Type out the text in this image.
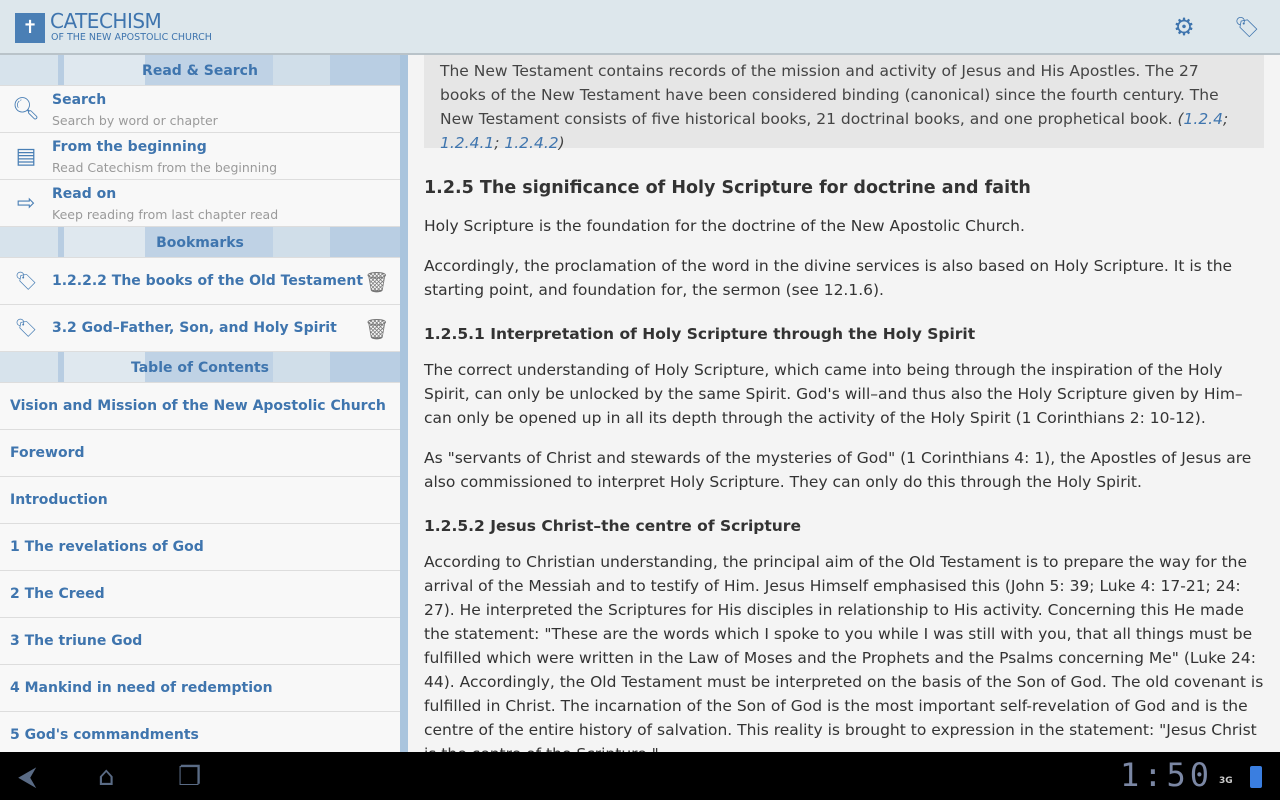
✝ CATECHISM
OF THE NEW APOSTOLIC CHURCH	⚙ 🏷︎
Read & Search
🔍︎ Search
Search by word or chapter
▤ From the beginning
Read Catechism from the beginning
⇨	Read on
Keep reading from last chapter read
Bookmarks
🏷︎ 1.2.2.2 The books of the Old Testament 🗑︎
🏷︎ 3.2 God–Father, Son, and Holy Spirit 🗑︎
Table of Contents
Vision and Mission of the New Apostolic Church
Foreword
Introduction
1 The revelations of God
2 The Creed
3 The triune God
4 Mankind in need of redemption
5 God's commandments
The New Testament contains records of the mission and activity of Jesus and His Apostles. The 27 books of the New Testament have been considered binding (canonical) since the fourth century. The New Testament consists of five historical books, 21 doctrinal books, and one prophetical book. (1.2.4; 1.2.4.1; 1.2.4.2)
1.2.5 The significance of Holy Scripture for doctrine and faith

Holy Scripture is the foundation for the doctrine of the New Apostolic Church.

Accordingly, the proclamation of the word in the divine services is also based on Holy Scripture. It is the starting point, and foundation for, the sermon (see 12.1.6).

1.2.5.1 Interpretation of Holy Scripture through the Holy Spirit

The correct understanding of Holy Scripture, which came into being through the inspiration of the Holy Spirit, can only be unlocked by the same Spirit. God's will–and thus also the Holy Scripture given by Him–can only be opened up in all its depth through the activity of the Holy Spirit (1 Corinthians 2: 10-12).

As "servants of Christ and stewards of the mysteries of God" (1 Corinthians 4: 1), the Apostles of Jesus are also commissioned to interpret Holy Scripture. They can only do this through the Holy Spirit.

1.2.5.2 Jesus Christ–the centre of Scripture

According to Christian understanding, the principal aim of the Old Testament is to prepare the way for the arrival of the Messiah and to testify of Him. Jesus Himself emphasised this (John 5: 39; Luke 4: 17-21; 24: 27). He interpreted the Scriptures for His disciples in relationship to His activity. Concerning this He made the statement: "These are the words which I spoke to you while I was still with you, that all things must be fulfilled which were written in the Law of Moses and the Prophets and the Psalms concerning Me" (Luke 24: 44). Accordingly, the Old Testament must be interpreted on the basis of the Son of God. The old covenant is fulfilled in Christ. The incarnation of the Son of God is the most important self-revelation of God and is the centre of the entire history of salvation. This reality is brought to expression in the statement: "Jesus Christ

⮜ ⌂ ❐	1:50 3G
